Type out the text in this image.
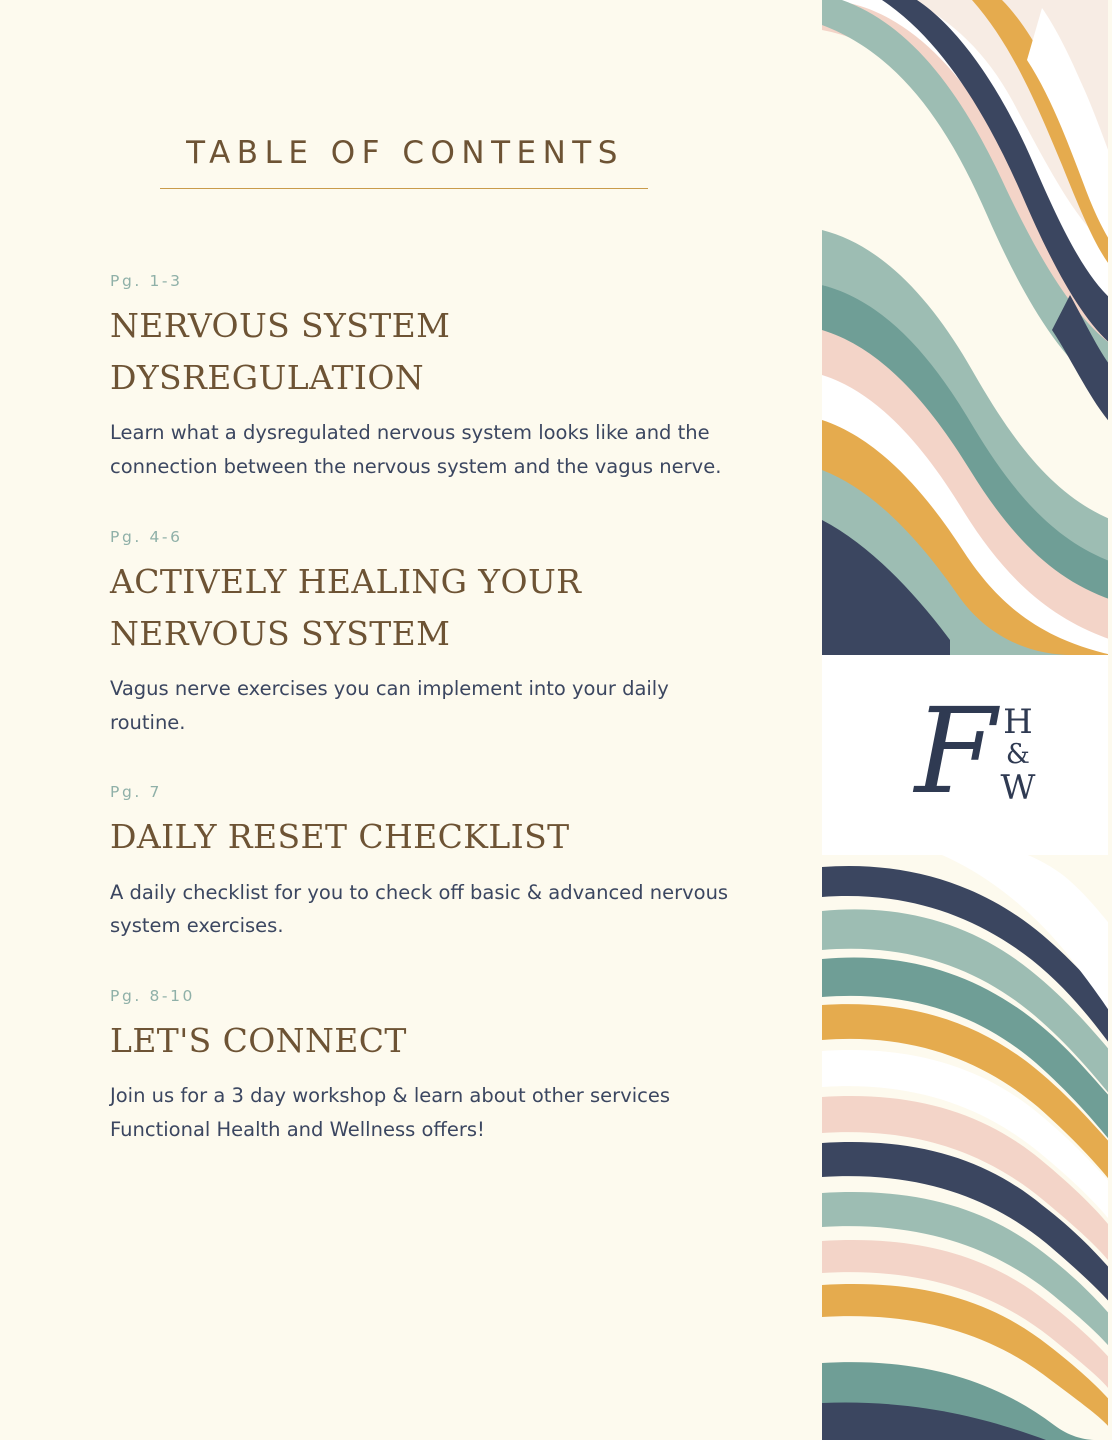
TABLE OF CONTENTS
Pg. 1-3
NERVOUS SYSTEM DYSREGULATION
Learn what a dysregulated nervous system looks like and the connection between the nervous system and the vagus nerve.
Pg. 4-6
ACTIVELY HEALING YOUR NERVOUS SYSTEM
Vagus nerve exercises you can implement into your daily routine.
Pg. 7
DAILY RESET CHECKLIST
A daily checklist for you to check off basic & advanced nervous system exercises.
Pg. 8-10
LET'S CONNECT
Join us for a 3 day workshop & learn about other services Functional Health and Wellness offers!
F H
&
W
